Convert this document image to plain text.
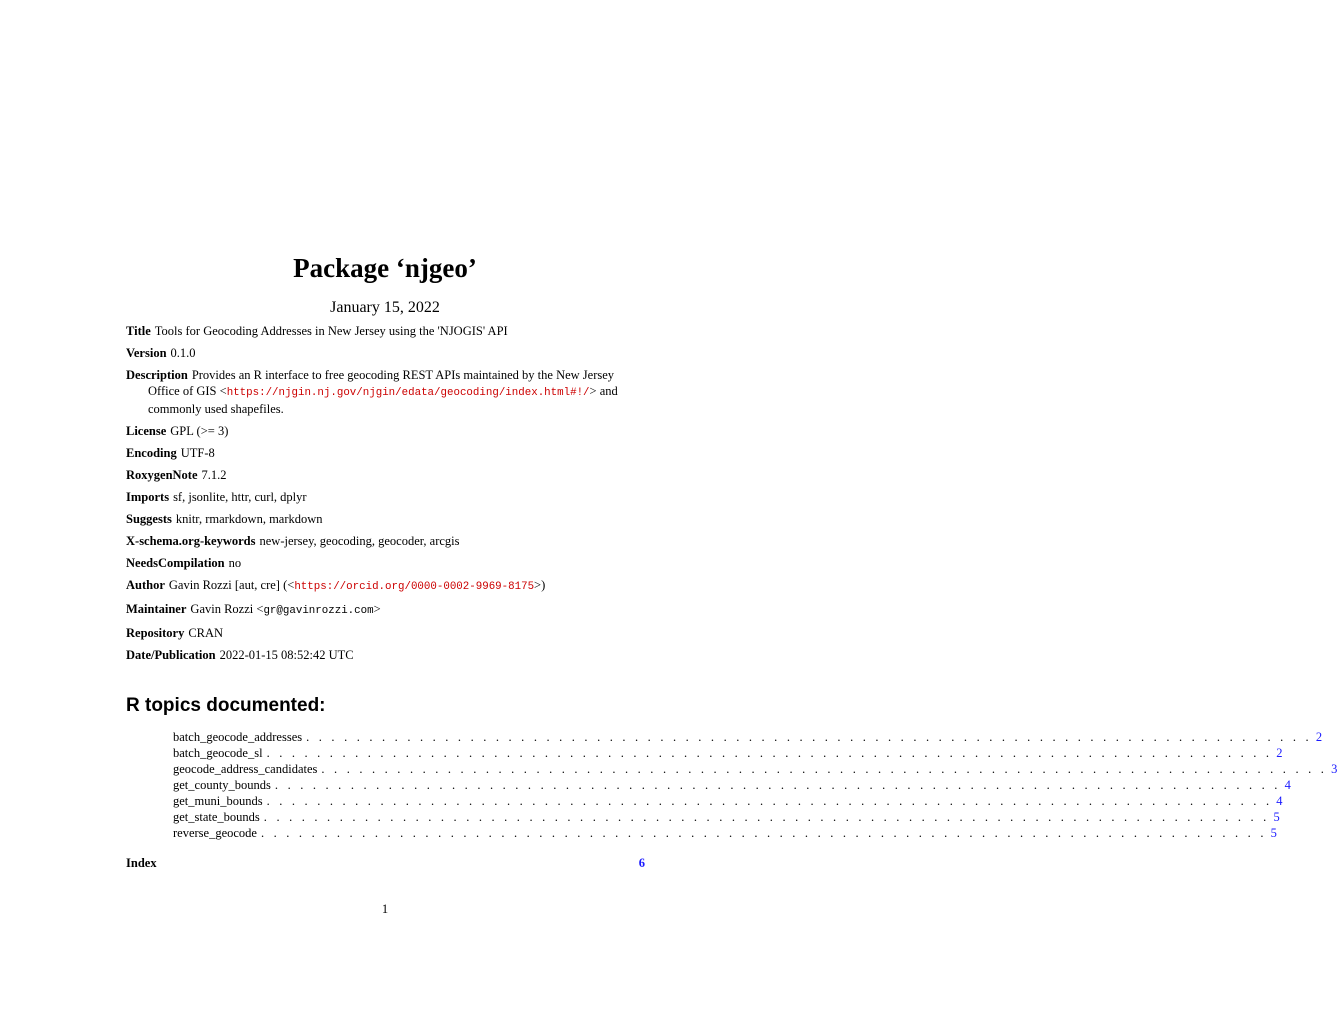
Package ‘njgeo’
January 15, 2022
Title Tools for Geocoding Addresses in New Jersey using the 'NJOGIS' API
Version 0.1.0
Description Provides an R interface to free geocoding REST APIs maintained by the New Jersey Office of GIS <https://njgin.nj.gov/njgin/edata/geocoding/index.html#!/> and commonly used shapefiles.
License GPL (>= 3)
Encoding UTF-8
RoxygenNote 7.1.2
Imports sf, jsonlite, httr, curl, dplyr
Suggests knitr, rmarkdown, markdown
X-schema.org-keywords new-jersey, geocoding, geocoder, arcgis
NeedsCompilation no
Author Gavin Rozzi [aut, cre] (<https://orcid.org/0000-0002-9969-8175>)
Maintainer Gavin Rozzi <gr@gavinrozzi.com>
Repository CRAN
Date/Publication 2022-01-15 08:52:42 UTC
R topics documented:
batch_geocode_addresses . . . . . . . . . . . . . . . . . . . . . . . . . . . . . . . . . . . . . . . . . . . . . . . . . . . . . . . . . . . . . . . . . . . . . . . . . . . . . . . . 2
batch_geocode_sl . . . . . . . . . . . . . . . . . . . . . . . . . . . . . . . . . . . . . . . . . . . . . . . . . . . . . . . . . . . . . . . . . . . . . . . . . . . . . . . . 2
geocode_address_candidates . . . . . . . . . . . . . . . . . . . . . . . . . . . . . . . . . . . . . . . . . . . . . . . . . . . . . . . . . . . . . . . . . . . . . . . . . . . . . . . . 3
get_county_bounds . . . . . . . . . . . . . . . . . . . . . . . . . . . . . . . . . . . . . . . . . . . . . . . . . . . . . . . . . . . . . . . . . . . . . . . . . . . . . . . . 4
get_muni_bounds . . . . . . . . . . . . . . . . . . . . . . . . . . . . . . . . . . . . . . . . . . . . . . . . . . . . . . . . . . . . . . . . . . . . . . . . . . . . . . . . 4
get_state_bounds . . . . . . . . . . . . . . . . . . . . . . . . . . . . . . . . . . . . . . . . . . . . . . . . . . . . . . . . . . . . . . . . . . . . . . . . . . . . . . . . 5
reverse_geocode . . . . . . . . . . . . . . . . . . . . . . . . . . . . . . . . . . . . . . . . . . . . . . . . . . . . . . . . . . . . . . . . . . . . . . . . . . . . . . . . 5
Index	6
1
